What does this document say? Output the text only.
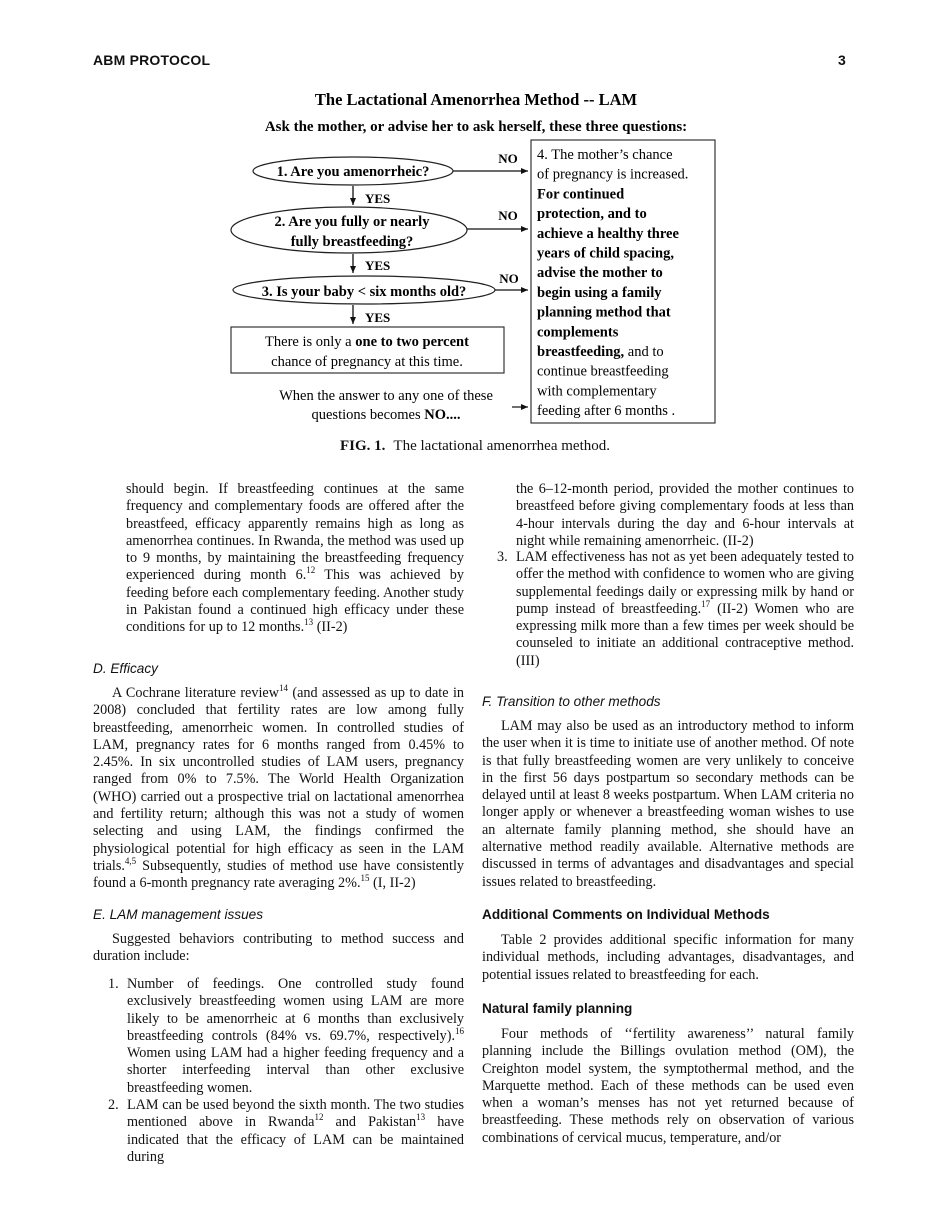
ABM PROTOCOL	3
The Lactational Amenorrhea Method -- LAM
Ask the mother, or advise her to ask herself, these three questions:
1. Are you amenorrheic?
NO
YES
2. Are you fully or nearly
fully breastfeeding?
NO
YES
3. Is your baby < six months old?
NO
YES
There is only a one to two percent
chance of pregnancy at this time.
When the answer to any one of these
questions becomes NO....
4. The mother’s chance
of pregnancy is increased.
For continued
protection, and to
achieve a healthy three
years of child spacing,
advise the mother to
begin using a family
planning method that
complements
breastfeeding, and to
continue breastfeeding
with complementary
feeding after 6 months .
FIG. 1. The lactational amenorrhea method.

should begin. If breastfeeding continues at the same frequency and complementary foods are offered after the breastfeed, efficacy apparently remains high as long as amenorrhea continues. In Rwanda, the method was used up to 9 months, by maintaining the breastfeeding frequency experienced during month 6.12 This was achieved by feeding before each complementary feeding. Another study in Pakistan found a continued high efficacy under these conditions for up to 12 months.$^{13}$ (II-2)

D. Efficacy

A Cochrane literature review$^{14}$ (and assessed as up to date in 2008) concluded that fertility rates are low among fully breastfeeding, amenorrheic women. In controlled studies of LAM, pregnancy rates for 6 months ranged from 0.45% to 2.45%. In six uncontrolled studies of LAM users, pregnancy ranged from 0% to 7.5%. The World Health Organization (WHO) carried out a prospective trial on lactational amenorrhea and fertility return; although this was not a study of women selecting and using LAM, the findings confirmed the physiological potential for high efficacy as seen in the LAM trials.$^{4,5}$ Subsequently, studies of method use have consistently found a 6-month pregnancy rate averaging 2%.$^{15}$ (I, II-2)

E. LAM management issues

Suggested behaviors contributing to method success and duration include:

1. Number of feedings. One controlled study found exclusively breastfeeding women using LAM are more likely to be amenorrheic at 6 months than exclusively breastfeeding controls (84% vs. 69.7%, respectively).$^{16}$ Women using LAM had a higher feeding frequency and a shorter interfeeding interval than other exclusive breastfeeding women.
2. LAM can be used beyond the sixth month. The two studies mentioned above in Rwanda$^{12}$ and Pakistan$^{13}$ have indicated that the efficacy of LAM can be maintained during

the 6–12-month period, provided the mother continues to breastfeed before giving complementary foods at less than 4-hour intervals during the day and 6-hour intervals at night while remaining amenorrheic. (II-2)

3. LAM effectiveness has not as yet been adequately tested to offer the method with confidence to women who are giving supplemental feedings daily or expressing milk by hand or pump instead of breastfeeding.$^{17}$ (II-2) Women who are expressing milk more than a few times per week should be counseled to initiate an additional contraceptive method. (III)
F. Transition to other methods

LAM may also be used as an introductory method to inform the user when it is time to initiate use of another method. Of note is that fully breastfeeding women are very unlikely to conceive in the first 56 days postpartum so secondary methods can be delayed until at least 8 weeks postpartum. When LAM criteria no longer apply or whenever a breastfeeding woman wishes to use an alternate family planning method, she should have an alternative method readily available. Alternative methods are discussed in terms of advantages and disadvantages and special issues related to breastfeeding.

Additional Comments on Individual Methods

Table 2 provides additional specific information for many individual methods, including advantages, disadvantages, and potential issues related to breastfeeding for each.

Natural family planning

Four methods of ‘‘fertility awareness’’ natural family planning include the Billings ovulation method (OM), the Creighton model system, the symptothermal method, and the Marquette method. Each of these methods can be used even when a woman’s menses has not yet returned because of breastfeeding. These methods rely on observation of various combinations of cervical mucus, temperature, and/or
